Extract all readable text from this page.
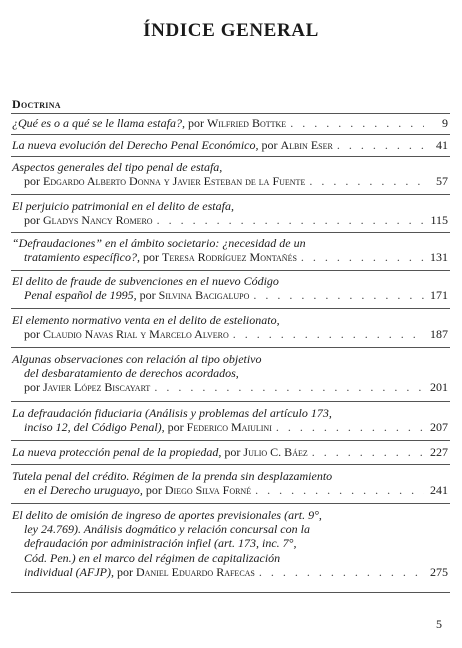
ÍNDICE GENERAL
Doctrina
¿Qué es o a qué se le llama estafa?,
por
Wilfried Bottke . . .	9
La nueva evolución del Derecho Penal Económico,
por
Albin Eser . . .	41
Aspectos generales del tipo penal de estafa,
por
Edgardo Alberto Donna y Javier Esteban de la Fuente . . .	57
El perjuicio patrimonial en el delito de estafa,
por
Gladys Nancy Romero . . .	115
“Defraudaciones” en el ámbito societario: ¿necesidad de un
tratamiento específico?,
por
Teresa Rodríguez Montañés . . .	131
El delito de fraude de subvenciones en el nuevo Código
Penal español de 1995,
por
Silvina Bacigalupo . . .	171
El elemento normativo venta en el delito de estelionato,
por
Claudio Navas Rial y Marcelo Alvero . . .	187
Algunas observaciones con relación al tipo objetivo
del desbaratamiento de derechos acordados,
por
Javier López Biscayart . . .	201
La defraudación fiduciaria (Análisis y problemas del artículo 173,
inciso 12, del Código Penal),
por
Federico Maiulini . . .	207
La nueva protección penal de la propiedad,
por
Julio C. Báez . . .	227
Tutela penal del crédito. Régimen de la prenda sin desplazamiento
en el Derecho uruguayo,
por
Diego Silva Forné . . .	241
El delito de omisión de ingreso de aportes previsionales (art. 9°,
ley 24.769). Análisis dogmático y relación concursal con la
defraudación por administración infiel (art. 173, inc. 7°,
Cód. Pen.) en el marco del régimen de capitalización
individual (AFJP),
por
Daniel Eduardo Rafecas . . .	275
5
